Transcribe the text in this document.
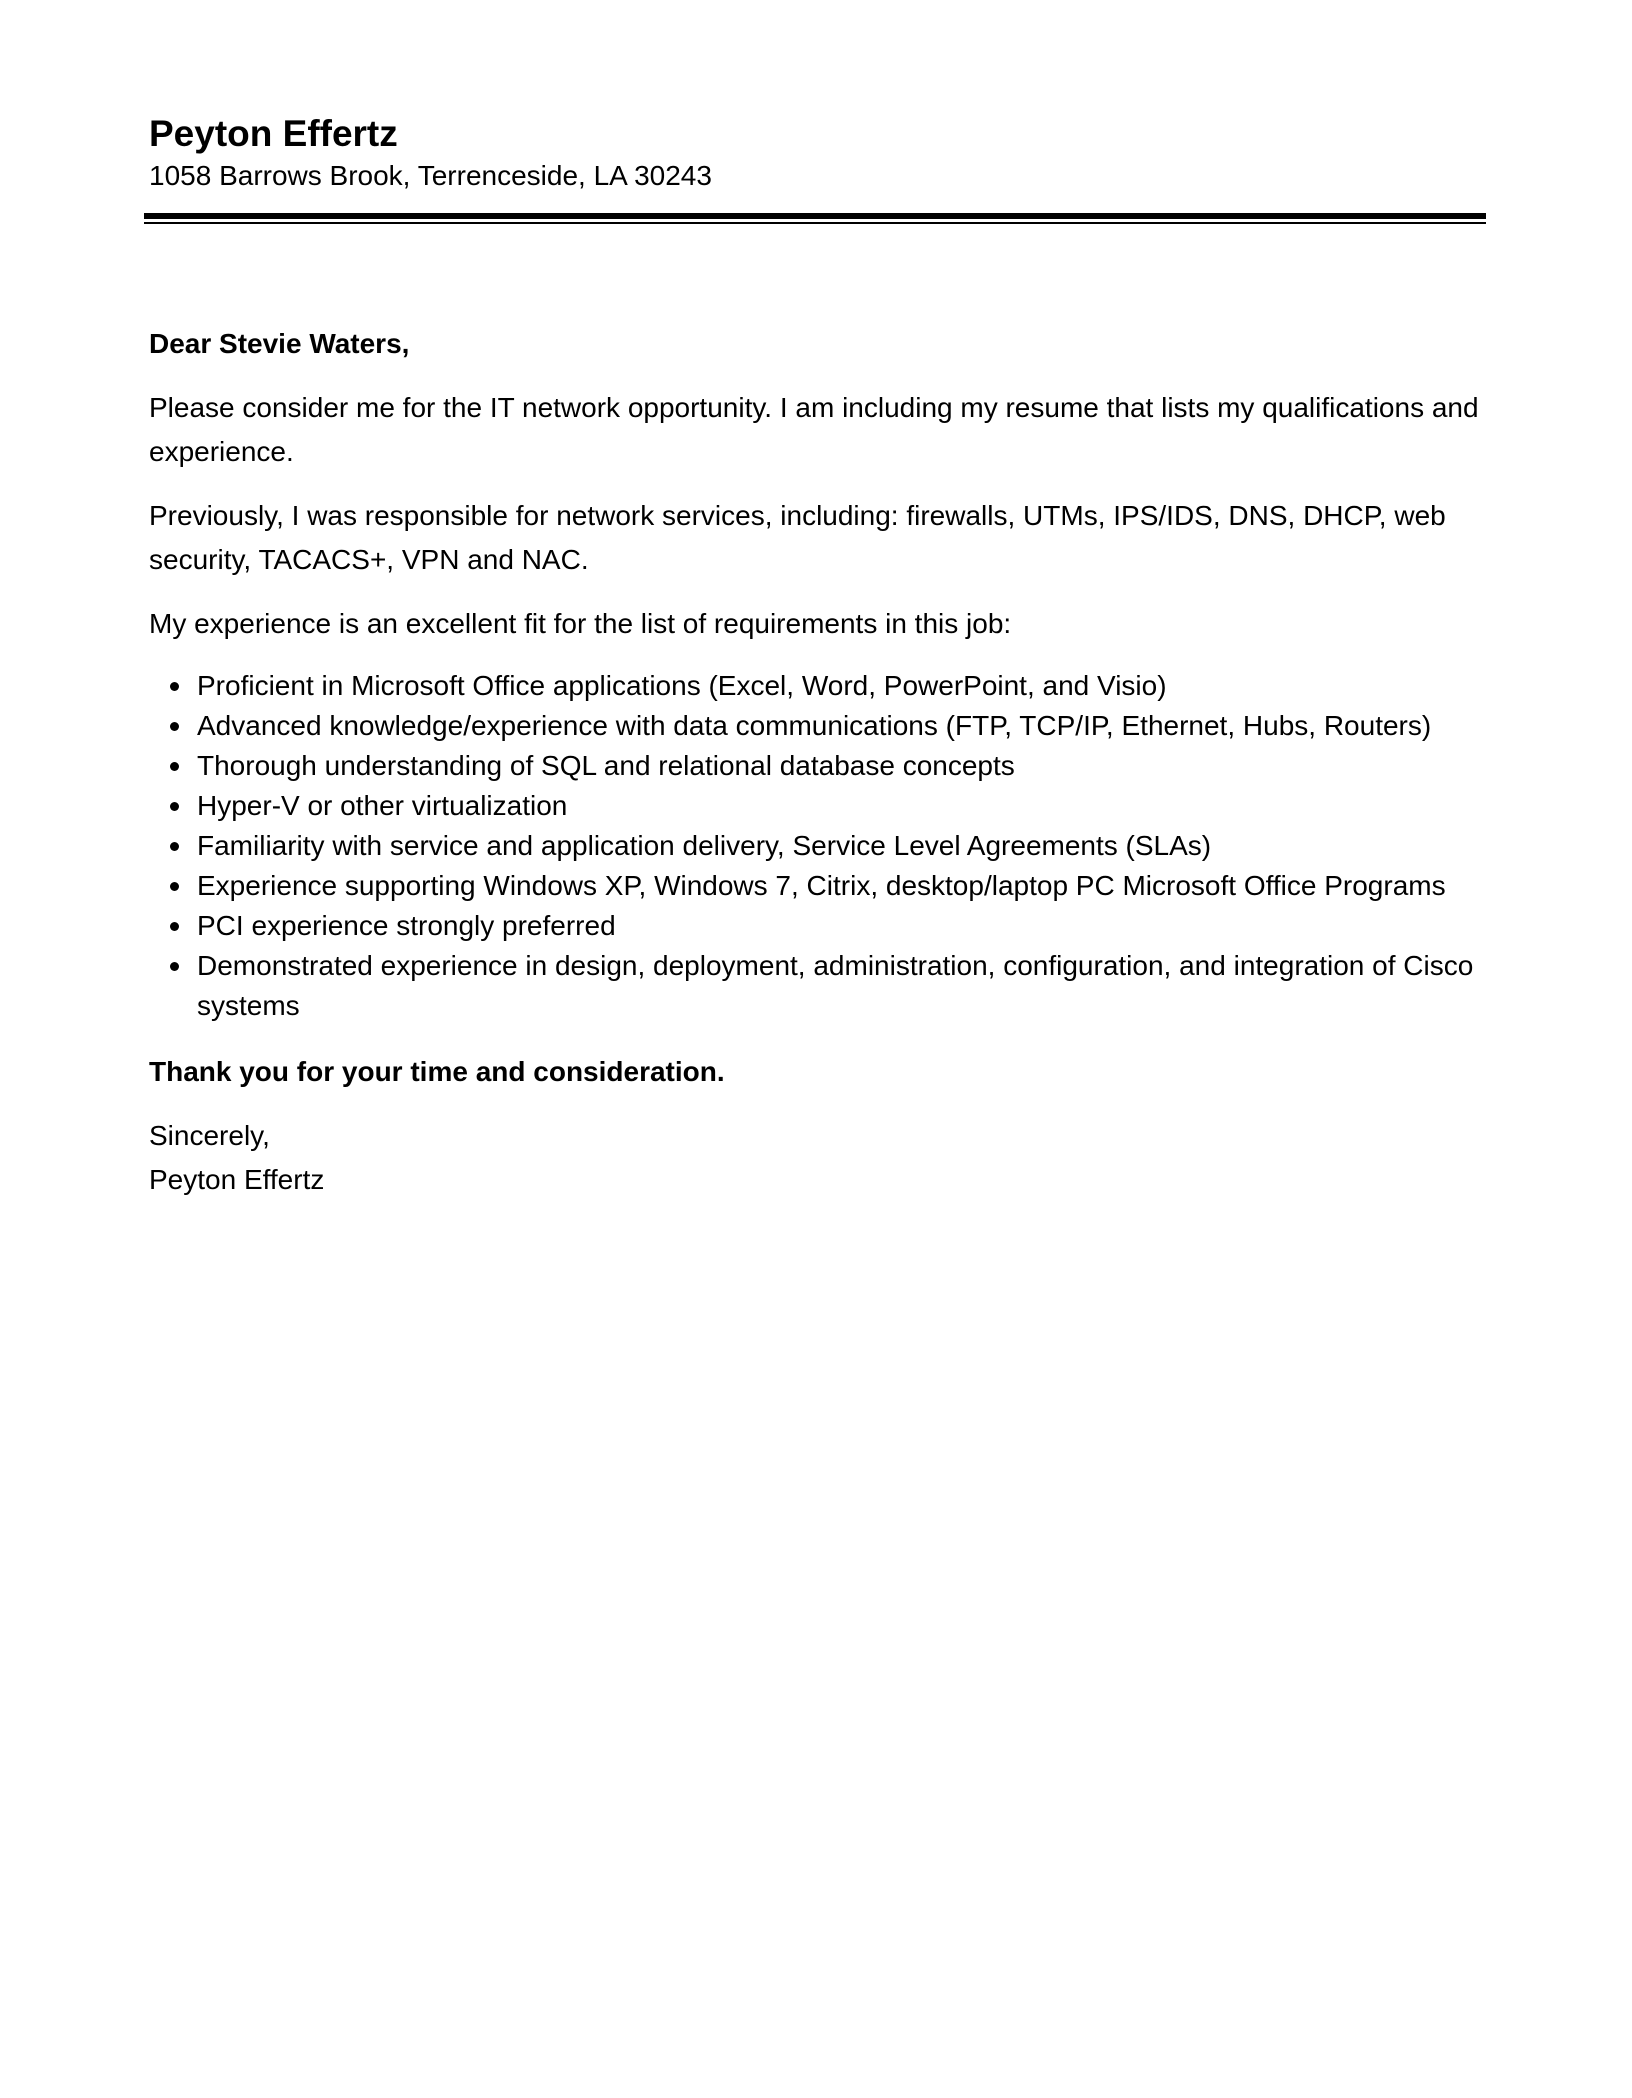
Peyton Effertz

1058 Barrows Brook, Terrenceside, LA 30243

Dear Stevie Waters,

Please consider me for the IT network opportunity. I am including my resume that lists my qualifications and experience.

Previously, I was responsible for network services, including: firewalls, UTMs, IPS/IDS, DNS, DHCP, web security, TACACS+, VPN and NAC.

My experience is an excellent fit for the list of requirements in this job:

Proficient in Microsoft Office applications (Excel, Word, PowerPoint, and Visio)
Advanced knowledge/experience with data communications (FTP, TCP/IP, Ethernet, Hubs, Routers)
Thorough understanding of SQL and relational database concepts
Hyper-V or other virtualization
Familiarity with service and application delivery, Service Level Agreements (SLAs)
Experience supporting Windows XP, Windows 7, Citrix, desktop/laptop PC Microsoft Office Programs
PCI experience strongly preferred
Demonstrated experience in design, deployment, administration, configuration, and integration of Cisco systems

Thank you for your time and consideration.

Sincerely,

Peyton Effertz
